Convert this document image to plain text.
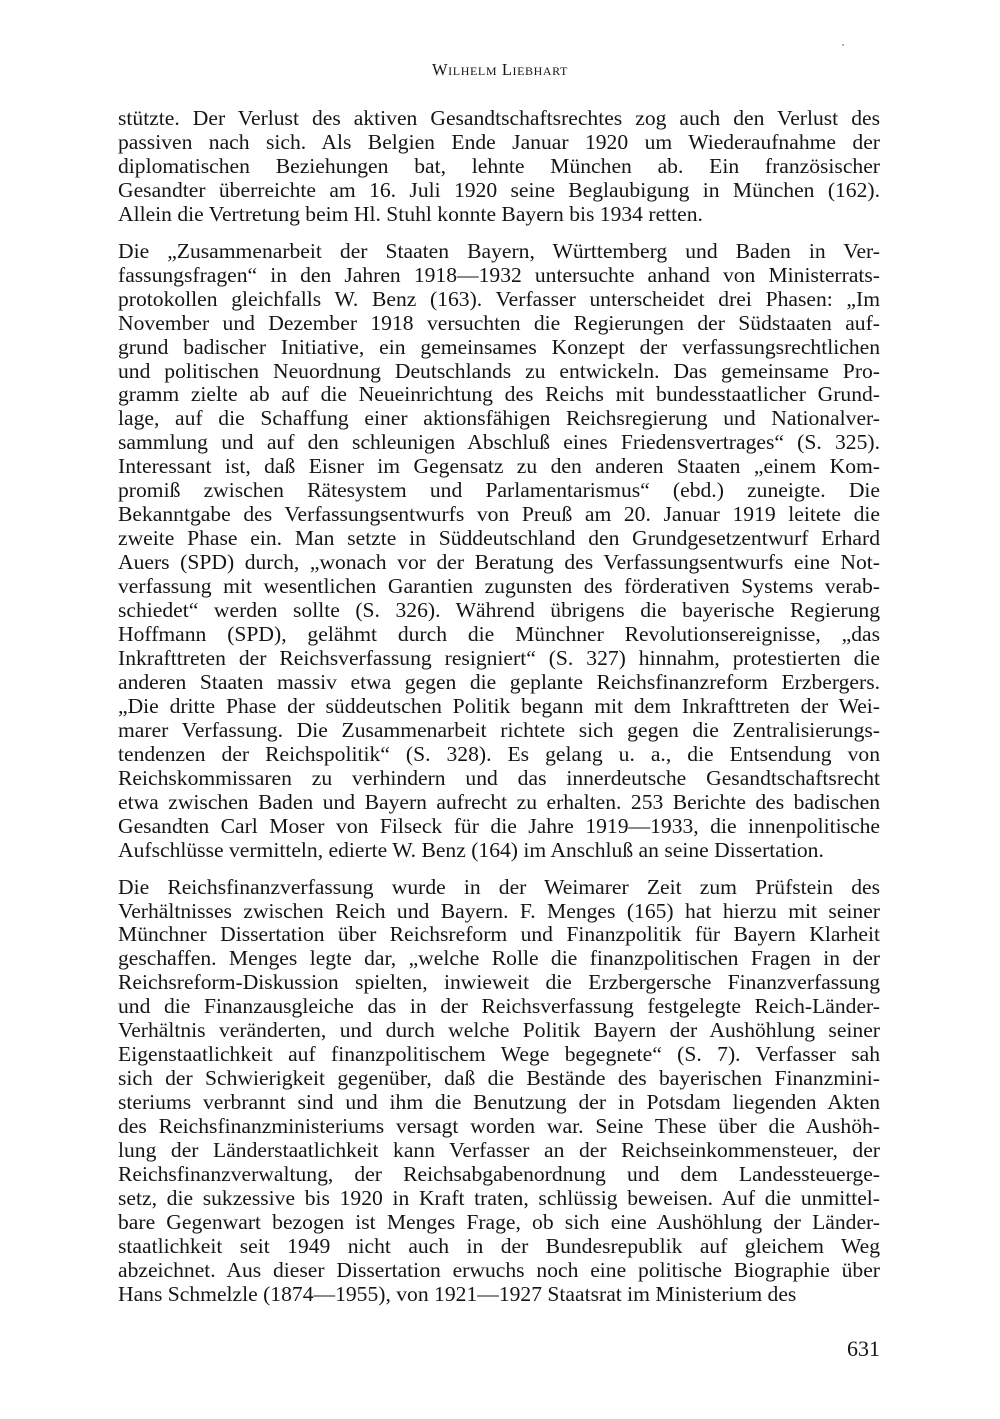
Wilhelm Liebhart
stützte. Der Verlust des aktiven Gesandtschaftsrechtes zog auch den Verlust des
passiven nach sich. Als Belgien Ende Januar 1920 um Wiederaufnahme der
diplomatischen Beziehungen bat, lehnte München ab. Ein französischer
Gesandter überreichte am 16. Juli 1920 seine Beglaubigung in München (162).
Allein die Vertretung beim Hl. Stuhl konnte Bayern bis 1934 retten.
Die „Zusammenarbeit der Staaten Bayern, Württemberg und Baden in Ver-
fassungsfragen“ in den Jahren 1918—1932 untersuchte anhand von Ministerrats-
protokollen gleichfalls W. Benz (163). Verfasser unterscheidet drei Phasen: „Im
November und Dezember 1918 versuchten die Regierungen der Südstaaten auf-
grund badischer Initiative, ein gemeinsames Konzept der verfassungsrechtlichen
und politischen Neuordnung Deutschlands zu entwickeln. Das gemeinsame Pro-
gramm zielte ab auf die Neueinrichtung des Reichs mit bundesstaatlicher Grund-
lage, auf die Schaffung einer aktionsfähigen Reichsregierung und Nationalver-
sammlung und auf den schleunigen Abschluß eines Friedensvertrages“ (S. 325).
Interessant ist, daß Eisner im Gegensatz zu den anderen Staaten „einem Kom-
promiß zwischen Rätesystem und Parlamentarismus“ (ebd.) zuneigte. Die
Bekanntgabe des Verfassungsentwurfs von Preuß am 20. Januar 1919 leitete die
zweite Phase ein. Man setzte in Süddeutschland den Grundgesetzentwurf Erhard
Auers (SPD) durch, „wonach vor der Beratung des Verfassungsentwurfs eine Not-
verfassung mit wesentlichen Garantien zugunsten des förderativen Systems verab-
schiedet“ werden sollte (S. 326). Während übrigens die bayerische Regierung
Hoffmann (SPD), gelähmt durch die Münchner Revolutionsereignisse, „das
Inkrafttreten der Reichsverfassung resigniert“ (S. 327) hinnahm, protestierten die
anderen Staaten massiv etwa gegen die geplante Reichsfinanzreform Erzbergers.
„Die dritte Phase der süddeutschen Politik begann mit dem Inkrafttreten der Wei-
marer Verfassung. Die Zusammenarbeit richtete sich gegen die Zentralisierungs-
tendenzen der Reichspolitik“ (S. 328). Es gelang u. a., die Entsendung von
Reichskommissaren zu verhindern und das innerdeutsche Gesandtschaftsrecht
etwa zwischen Baden und Bayern aufrecht zu erhalten. 253 Berichte des badischen
Gesandten Carl Moser von Filseck für die Jahre 1919—1933, die innenpolitische
Aufschlüsse vermitteln, edierte W. Benz (164) im Anschluß an seine Dissertation.
Die Reichsfinanzverfassung wurde in der Weimarer Zeit zum Prüfstein des
Verhältnisses zwischen Reich und Bayern. F. Menges (165) hat hierzu mit seiner
Münchner Dissertation über Reichsreform und Finanzpolitik für Bayern Klarheit
geschaffen. Menges legte dar, „welche Rolle die finanzpolitischen Fragen in der
Reichsreform-Diskussion spielten, inwieweit die Erzbergersche Finanzverfassung
und die Finanzausgleiche das in der Reichsverfassung festgelegte Reich-Länder-
Verhältnis veränderten, und durch welche Politik Bayern der Aushöhlung seiner
Eigenstaatlichkeit auf finanzpolitischem Wege begegnete“ (S. 7). Verfasser sah
sich der Schwierigkeit gegenüber, daß die Bestände des bayerischen Finanzmini-
steriums verbrannt sind und ihm die Benutzung der in Potsdam liegenden Akten
des Reichsfinanzministeriums versagt worden war. Seine These über die Aushöh-
lung der Länderstaatlichkeit kann Verfasser an der Reichseinkommensteuer, der
Reichsfinanzverwaltung, der Reichsabgabenordnung und dem Landessteuerge-
setz, die sukzessive bis 1920 in Kraft traten, schlüssig beweisen. Auf die unmittel-
bare Gegenwart bezogen ist Menges Frage, ob sich eine Aushöhlung der Länder-
staatlichkeit seit 1949 nicht auch in der Bundesrepublik auf gleichem Weg
abzeichnet. Aus dieser Dissertation erwuchs noch eine politische Biographie über
Hans Schmelzle (1874—1955), von 1921—1927 Staatsrat im Ministerium des
631
